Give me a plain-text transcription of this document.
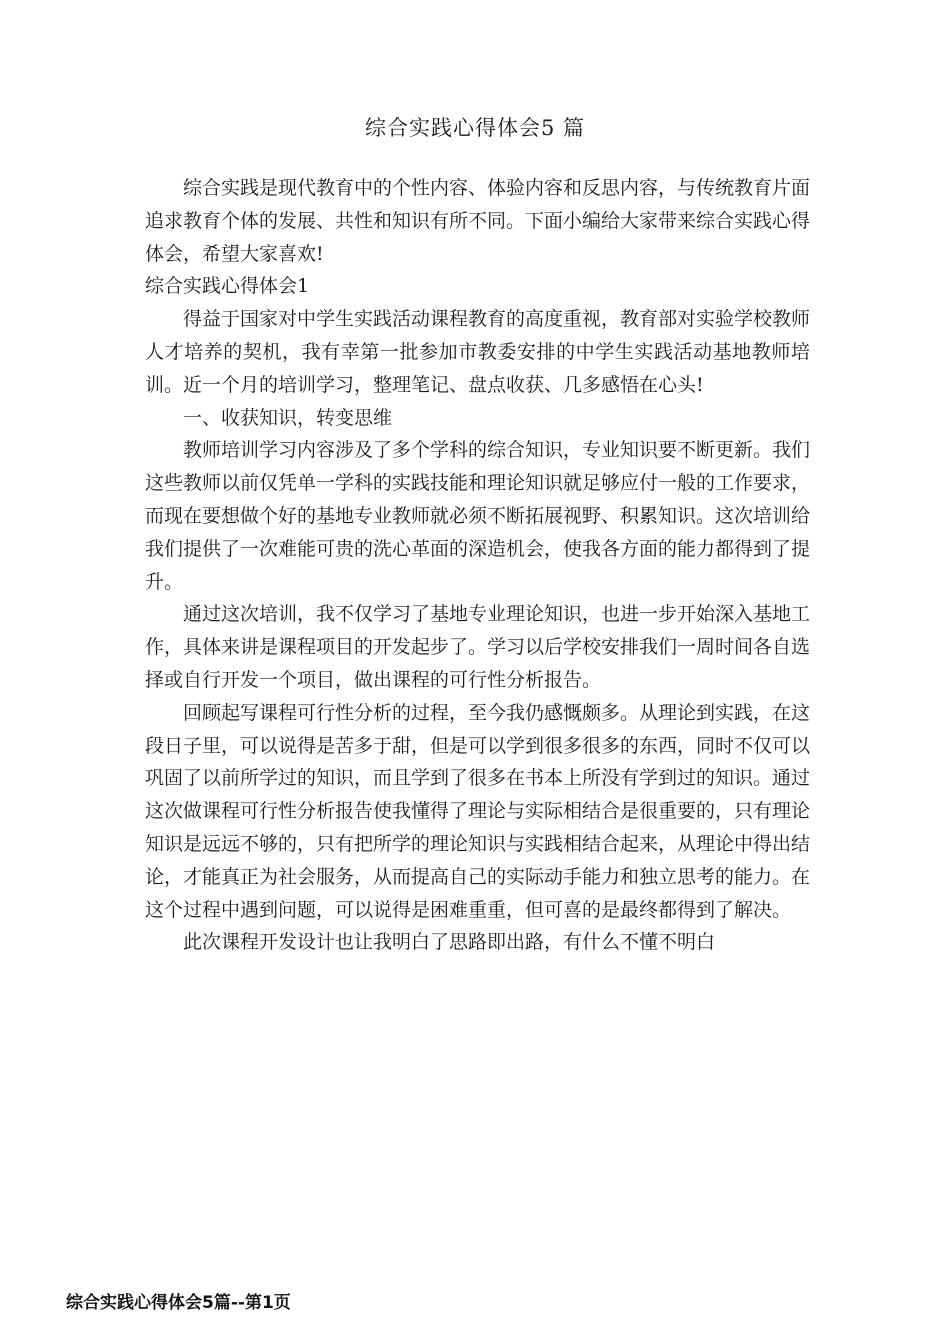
综合实践心得体会5 篇

综合实践是现代教育中的个性内容、体验内容和反思内容，与传统教育片面追求教育个体的发展、共性和知识有所不同。下面小编给大家带来综合实践心得体会，希望大家喜欢!

综合实践心得体会1

得益于国家对中学生实践活动课程教育的高度重视，教育部对实验学校教师人才培养的契机，我有幸第一批参加市教委安排的中学生实践活动基地教师培训。近一个月的培训学习，整理笔记、盘点收获、几多感悟在心头!

一、收获知识，转变思维

教师培训学习内容涉及了多个学科的综合知识，专业知识要不断更新。我们这些教师以前仅凭单一学科的实践技能和理论知识就足够应付一般的工作要求，而现在要想做个好的基地专业教师就必须不断拓展视野、积累知识。这次培训给我们提供了一次难能可贵的洗心革面的深造机会，使我各方面的能力都得到了提升。

通过这次培训，我不仅学习了基地专业理论知识，也进一步开始深入基地工作，具体来讲是课程项目的开发起步了。学习以后学校安排我们一周时间各自选择或自行开发一个项目，做出课程的可行性分析报告。

回顾起写课程可行性分析的过程，至今我仍感慨颇多。从理论到实践，在这段日子里，可以说得是苦多于甜，但是可以学到很多很多的东西，同时不仅可以巩固了以前所学过的知识，而且学到了很多在书本上所没有学到过的知识。通过这次做课程可行性分析报告使我懂得了理论与实际相结合是很重要的，只有理论知识是远远不够的，只有把所学的理论知识与实践相结合起来，从理论中得出结论，才能真正为社会服务，从而提高自己的实际动手能力和独立思考的能力。在这个过程中遇到问题，可以说得是困难重重，但可喜的是最终都得到了解决。

此次课程开发设计也让我明白了思路即出路，有什么不懂不明白

综合实践心得体会5篇--第1页
